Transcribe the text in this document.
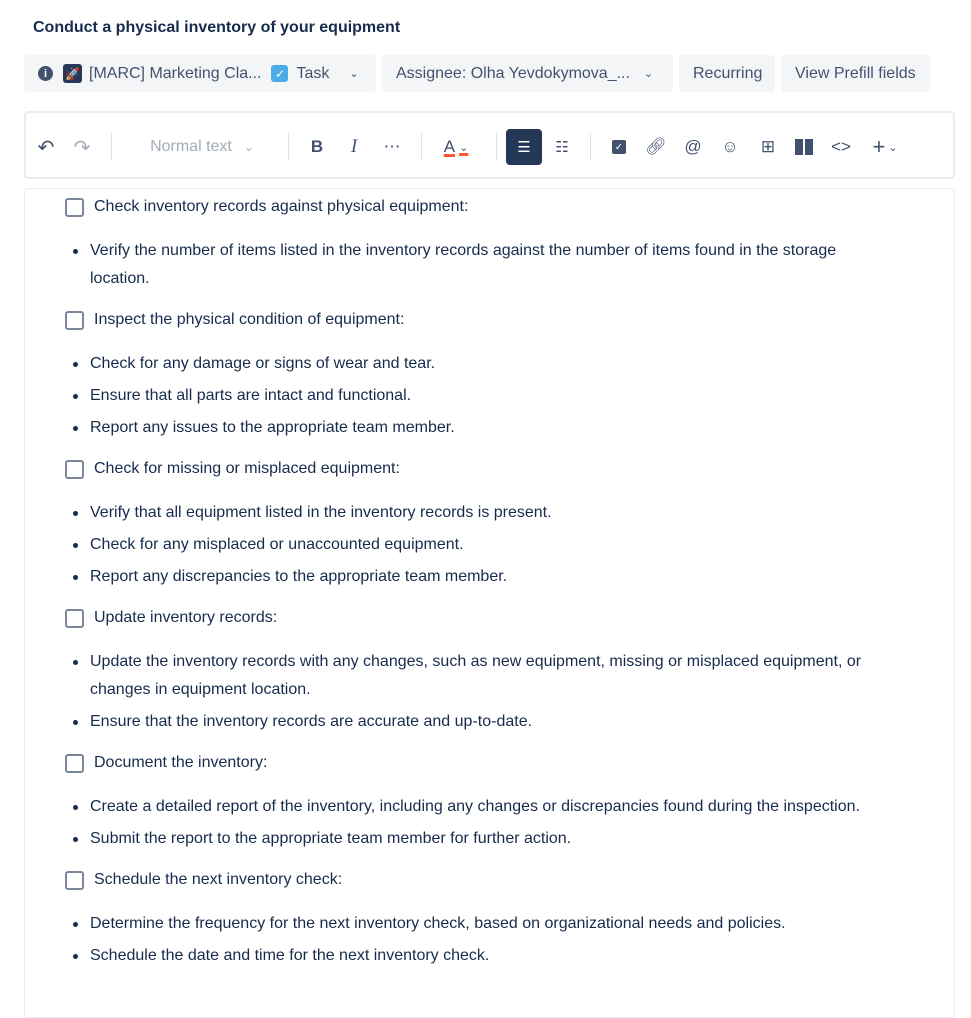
Conduct a physical inventory of your equipment
i	🚀 [MARC] Marketing Cla... ✓ Task ⌄ Assignee: Olha Yevdokymova_... ⌄	Recurring	View Prefill fields
↶ ↷	Normal text ⌄	B	I	⋯	A ⌄	☰	☷	✓ 🔗︎ @ ☺ ⊞	<> + ⌄
Check inventory records against physical equipment:
Verify the number of items listed in the inventory records against the number of items found in the storage location.
Inspect the physical condition of equipment:
Check for any damage or signs of wear and tear.
Ensure that all parts are intact and functional.
Report any issues to the appropriate team member.
Check for missing or misplaced equipment:
Verify that all equipment listed in the inventory records is present.
Check for any misplaced or unaccounted equipment.
Report any discrepancies to the appropriate team member.
Update inventory records:
Update the inventory records with any changes, such as new equipment, missing or misplaced equipment, or changes in equipment location.
Ensure that the inventory records are accurate and up-to-date.
Document the inventory:
Create a detailed report of the inventory, including any changes or discrepancies found during the inspection.
Submit the report to the appropriate team member for further action.
Schedule the next inventory check:
Determine the frequency for the next inventory check, based on organizational needs and policies.
Schedule the date and time for the next inventory check.
